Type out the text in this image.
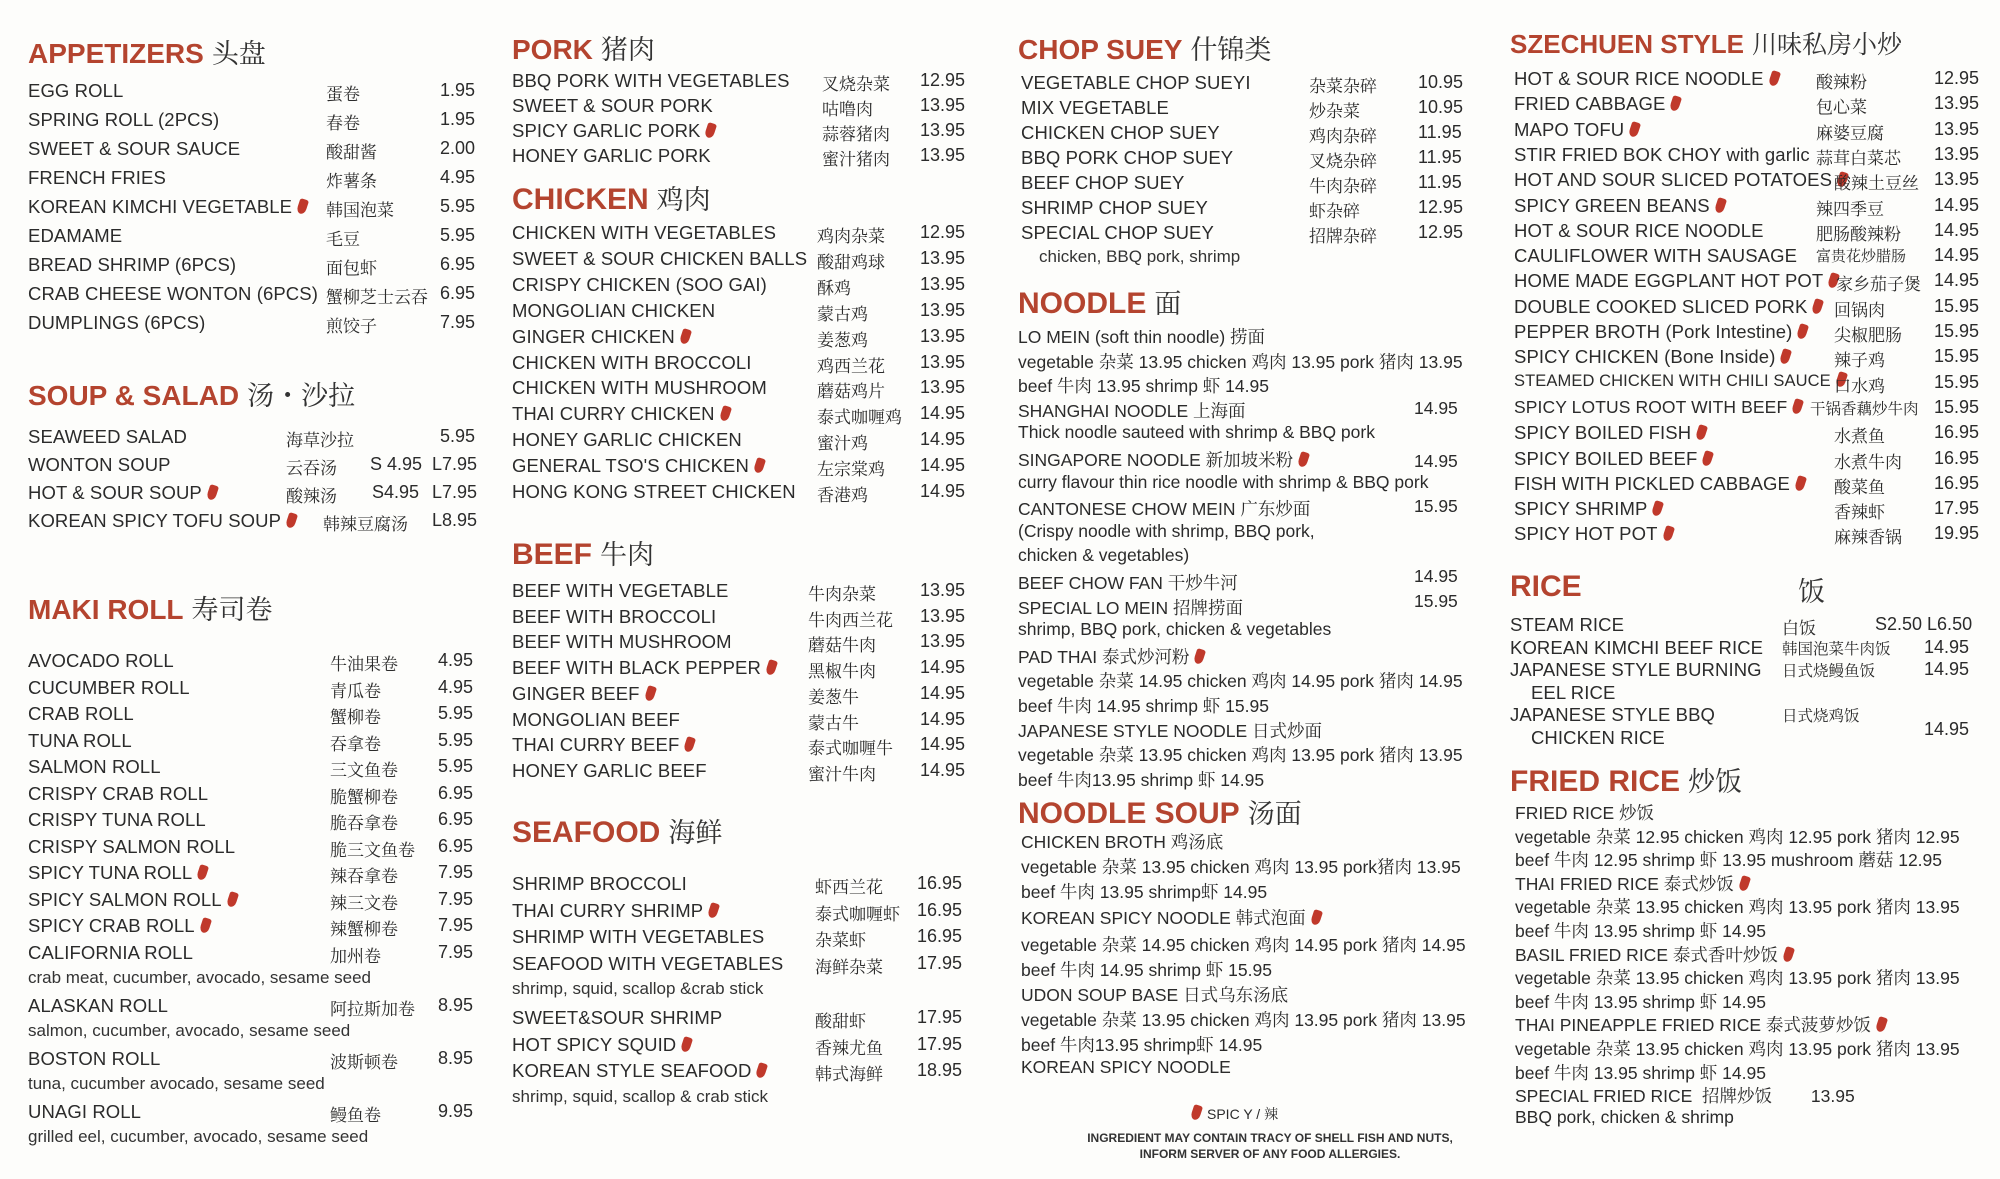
APPETIZERS 头盘
EGG ROLL	蛋卷	1.95
SPRING ROLL (2PCS)	春卷	1.95
SWEET & SOUR SAUCE	酸甜酱	2.00
FRENCH FRIES	炸薯条	4.95
KOREAN KIMCHI VEGETABLE	韩国泡菜	5.95
EDAMAME	毛豆	5.95
BREAD SHRIMP (6PCS)	面包虾	6.95
CRAB CHEESE WONTON (6PCS) 蟹柳芝士云吞 6.95
DUMPLINGS (6PCS)	煎饺子	7.95
SOUP & SALAD 汤・沙拉
SEAWEED SALAD	海草沙拉	5.95
WONTON SOUP	云吞汤 S 4.95 L7.95
HOT & SOUR SOUP	酸辣汤 S4.95 L7.95
KOREAN SPICY TOFU SOUP	韩辣豆腐汤 L8.95
MAKI ROLL 寿司卷
AVOCADO ROLL	牛油果卷 4.95
CUCUMBER ROLL	青瓜卷	4.95
CRAB ROLL	蟹柳卷	5.95
TUNA ROLL	吞拿卷	5.95
SALMON ROLL	三文鱼卷 5.95
CRISPY CRAB ROLL	脆蟹柳卷 6.95
CRISPY TUNA ROLL	脆吞拿卷 6.95
CRISPY SALMON ROLL	脆三文鱼卷 6.95
SPICY TUNA ROLL	辣吞拿卷 7.95
SPICY SALMON ROLL	辣三文卷 7.95
SPICY CRAB ROLL	辣蟹柳卷 7.95
CALIFORNIA ROLL	加州卷	7.95
crab meat, cucumber, avocado, sesame seed
ALASKAN ROLL	阿拉斯加卷 8.95
salmon, cucumber, avocado, sesame seed
BOSTON ROLL	波斯顿卷 8.95
tuna, cucumber avocado, sesame seed
UNAGI ROLL	鳗鱼卷	9.95
grilled eel, cucumber, avocado, sesame seed
PORK 猪肉
BBQ PORK WITH VEGETABLES 叉烧杂菜 12.95
SWEET & SOUR PORK	咕噜肉	13.95
SPICY GARLIC PORK	蒜蓉猪肉 13.95
HONEY GARLIC PORK	蜜汁猪肉 13.95
CHICKEN 鸡肉
CHICKEN WITH VEGETABLES 鸡肉杂菜 12.95
SWEET & SOUR CHICKEN BALLS 酸甜鸡球 13.95
CRISPY CHICKEN (SOO GAI)	酥鸡	13.95
MONGOLIAN CHICKEN	蒙古鸡	13.95
GINGER CHICKEN	姜葱鸡	13.95
CHICKEN WITH BROCCOLI	鸡西兰花 13.95
CHICKEN WITH MUSHROOM	蘑菇鸡片 13.95
THAI CURRY CHICKEN	泰式咖喱鸡 14.95
HONEY GARLIC CHICKEN	蜜汁鸡	14.95
GENERAL TSO'S CHICKEN	左宗棠鸡 14.95
HONG KONG STREET CHICKEN 香港鸡	14.95
BEEF 牛肉
BEEF WITH VEGETABLE	牛肉杂菜 13.95
BEEF WITH BROCCOLI	牛肉西兰花 13.95
BEEF WITH MUSHROOM	蘑菇牛肉 13.95
BEEF WITH BLACK PEPPER	黑椒牛肉 14.95
GINGER BEEF	姜葱牛	14.95
MONGOLIAN BEEF	蒙古牛	14.95
THAI CURRY BEEF	泰式咖喱牛 14.95
HONEY GARLIC BEEF	蜜汁牛肉 14.95
SEAFOOD 海鲜
SHRIMP BROCCOLI	虾西兰花 16.95
THAI CURRY SHRIMP	泰式咖喱虾 16.95
SHRIMP WITH VEGETABLES	杂菜虾	16.95
SEAFOOD WITH VEGETABLES 海鲜杂菜 17.95
shrimp, squid, scallop &crab stick
SWEET&SOUR SHRIMP	酸甜虾	17.95
HOT SPICY SQUID	香辣尤鱼 17.95
KOREAN STYLE SEAFOOD	韩式海鲜 18.95
shrimp, squid, scallop & crab stick
CHOP SUEY 什锦类
VEGETABLE CHOP SUEYI	杂菜杂碎 10.95
MIX VEGETABLE	炒杂菜	10.95
CHICKEN CHOP SUEY	鸡肉杂碎 11.95
BBQ PORK CHOP SUEY	叉烧杂碎 11.95
BEEF CHOP SUEY	牛肉杂碎 11.95
SHRIMP CHOP SUEY	虾杂碎	12.95
SPECIAL CHOP SUEY	招牌杂碎 12.95
chicken, BBQ pork, shrimp
NOODLE 面
LO MEIN (soft thin noodle) 捞面
vegetable 杂菜 13.95 chicken 鸡肉 13.95 pork 猪肉 13.95
beef 牛肉 13.95 shrimp 虾 14.95
SHANGHAI NOODLE 上海面	14.95
Thick noodle sauteed with shrimp & BBQ pork
SINGAPORE NOODLE 新加坡米粉	14.95
curry flavour thin rice noodle with shrimp & BBQ pork
CANTONESE CHOW MEIN 广东炒面	15.95
(Crispy noodle with shrimp, BBQ pork,
chicken & vegetables)
BEEF CHOW FAN 干炒牛河	14.95
SPECIAL LO MEIN 招牌捞面	15.95
shrimp, BBQ pork, chicken & vegetables
PAD THAI 泰式炒河粉
vegetable 杂菜 14.95 chicken 鸡肉 14.95 pork 猪肉 14.95
beef 牛肉 14.95 shrimp 虾 15.95
JAPANESE STYLE NOODLE 日式炒面
vegetable 杂菜 13.95 chicken 鸡肉 13.95 pork 猪肉 13.95
beef 牛肉13.95 shrimp 虾 14.95
NOODLE SOUP 汤面
CHICKEN BROTH 鸡汤底
vegetable 杂菜 13.95 chicken 鸡肉 13.95 pork猪肉 13.95
beef 牛肉 13.95 shrimp虾 14.95
KOREAN SPICY NOODLE 韩式泡面
vegetable 杂菜 14.95 chicken 鸡肉 14.95 pork 猪肉 14.95
beef 牛肉 14.95 shrimp 虾 15.95
UDON SOUP BASE 日式乌东汤底
vegetable 杂菜 13.95 chicken 鸡肉 13.95 pork 猪肉 13.95
beef 牛肉13.95 shrimp虾 14.95
KOREAN SPICY NOODLE
SZECHUEN STYLE 川味私房小炒
HOT & SOUR RICE NOODLE	酸辣粉	12.95
FRIED CABBAGE	包心菜	13.95
MAPO TOFU	麻婆豆腐	13.95
STIR FRIED BOK CHOY with garlic 蒜茸白菜芯 13.95
HOT AND SOUR SLICED POTATOES 酸辣土豆丝 13.95
SPICY GREEN BEANS	辣四季豆	14.95
HOT & SOUR RICE NOODLE	肥肠酸辣粉 14.95
CAULIFLOWER WITH SAUSAGE 富贵花炒腊肠 14.95
HOME MADE EGGPLANT HOT POT 家乡茄子煲 14.95
DOUBLE COOKED SLICED PORK	回锅肉	15.95
PEPPER BROTH (Pork Intestine)	尖椒肥肠 15.95
SPICY CHICKEN (Bone Inside)	辣子鸡	15.95
STEAMED CHICKEN WITH CHILI SAUCE 口水鸡	15.95
SPICY LOTUS ROOT WITH BEEF	干锅香藕炒牛肉 15.95
SPICY BOILED FISH	水煮鱼	16.95
SPICY BOILED BEEF	水煮牛肉 16.95
FISH WITH PICKLED CABBAGE	酸菜鱼	16.95
SPICY SHRIMP	香辣虾	17.95
SPICY HOT POT	麻辣香锅 19.95
RICE	饭
STEAM RICE	白饭	S2.50 L6.50
KOREAN KIMCHI BEEF RICE 韩国泡菜牛肉饭 14.95
JAPANESE STYLE BURNING 日式烧鳗鱼饭	14.95
EEL RICE
JAPANESE STYLE BBQ	日式烧鸡饭
CHICKEN RICE	14.95
FRIED RICE 炒饭
FRIED RICE 炒饭
vegetable 杂菜 12.95 chicken 鸡肉 12.95 pork 猪肉 12.95
beef 牛肉 12.95 shrimp 虾 13.95 mushroom 蘑菇 12.95
THAI FRIED RICE 泰式炒饭
vegetable 杂菜 13.95 chicken 鸡肉 13.95 pork 猪肉 13.95
beef 牛肉 13.95 shrimp 虾 14.95
BASIL FRIED RICE 泰式香叶炒饭
vegetable 杂菜 13.95 chicken 鸡肉 13.95 pork 猪肉 13.95
beef 牛肉 13.95 shrimp 虾 14.95
THAI PINEAPPLE FRIED RICE 泰式菠萝炒饭
vegetable 杂菜 13.95 chicken 鸡肉 13.95 pork 猪肉 13.95
beef 牛肉 13.95 shrimp 虾 14.95
SPECIAL FRIED RICE  招牌炒饭        13.95
BBQ pork, chicken & shrimp
SPIC Y / 辣
INGREDIENT MAY CONTAIN TRACY OF SHELL FISH AND NUTS,
INFORM SERVER OF ANY FOOD ALLERGIES.
